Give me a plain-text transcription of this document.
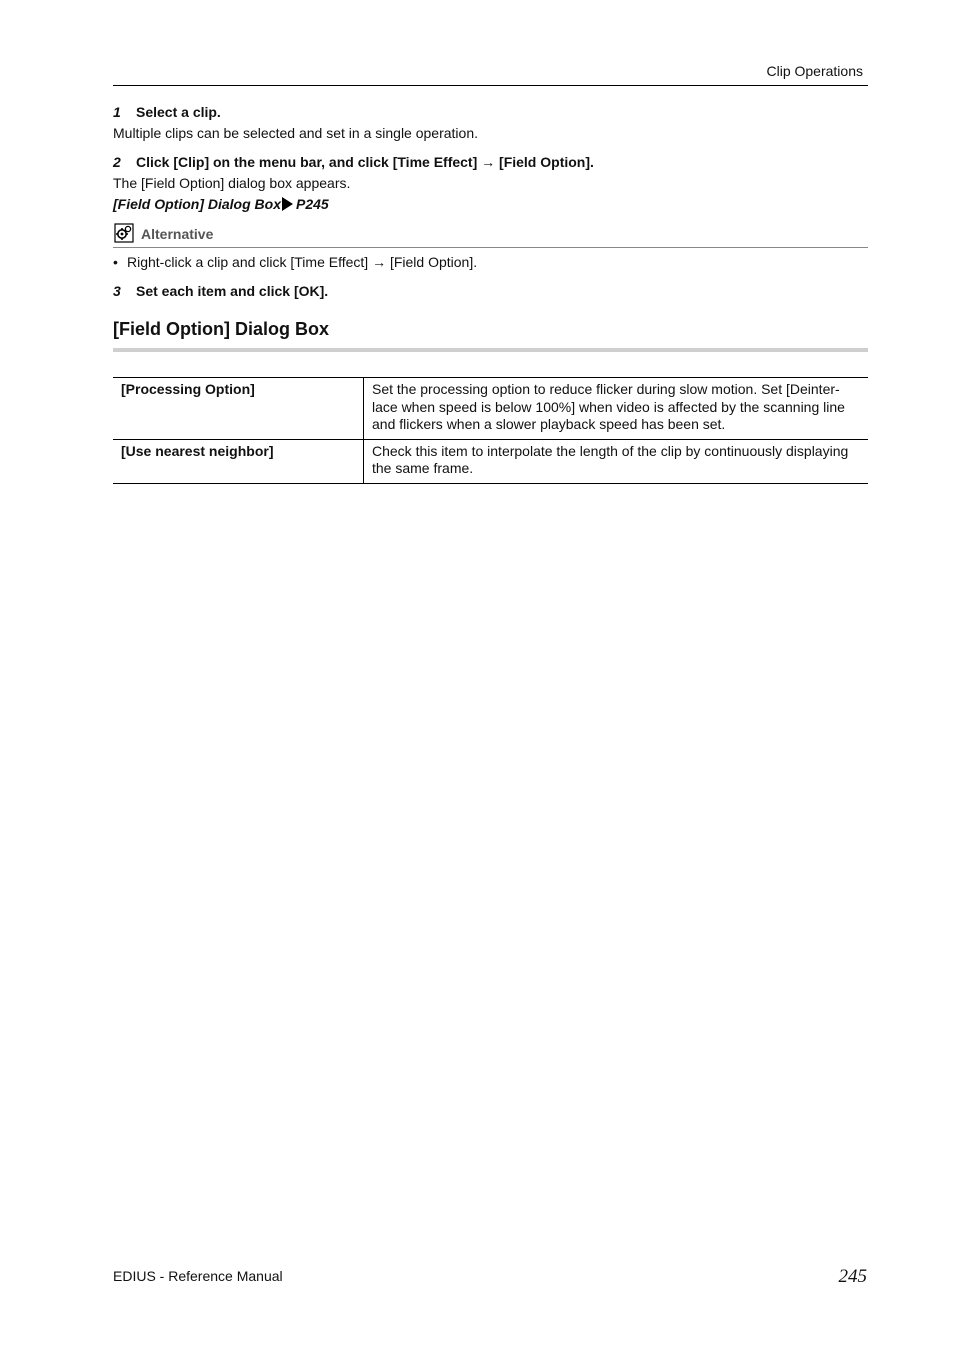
Clip Operations
1 Select a clip.
Multiple clips can be selected and set in a single operation.
2 Click [Clip] on the menu bar, and click [Time Effect] → [Field Option].
The [Field Option] dialog box appears.
[Field Option] Dialog Box P245
Alternative
• Right-click a clip and click [Time Effect] → [Field Option].
3 Set each item and click [OK].
[Field Option] Dialog Box
[Processing Option]	Set the processing option to reduce flicker during slow motion. Set [Deinter-lace when speed is below 100%] when video is affected by the scanning line and flickers when a slower playback speed has been set.
[Use nearest neighbor]	Check this item to interpolate the length of the clip by continuously displaying the same frame.
EDIUS - Reference Manual	245
